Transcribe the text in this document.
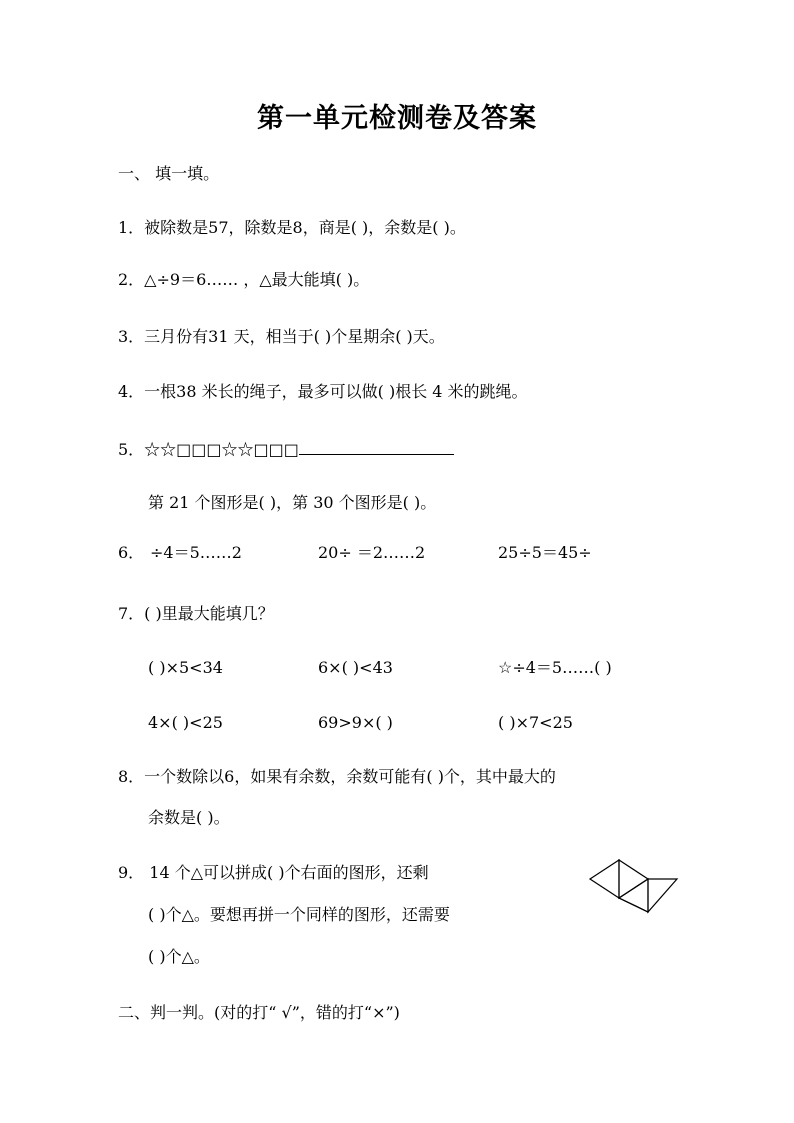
第一单元检测卷及答案
一、 填一填。
1．被除数是57，除数是8，商是( )，余数是( )。
2．△÷9＝6…… ，△最大能填( )。
3．三月份有31 天，相当于( )个星期余( )天。
4．一根38 米长的绳子，最多可以做( )根长 4 米的跳绳。
5．☆☆□□□☆☆□□□
第 21 个图形是( )，第 30 个图形是( )。
6． ÷4＝5……2	20÷ ＝2……2	25÷5＝45÷
7．( )里最大能填几？
( )×5<34	6×( )<43	☆÷4＝5……( )
4×( )<25	69>9×( )	( )×7<25
8．一个数除以6，如果有余数，余数可能有( )个，其中最大的
余数是( )。
9． 14 个△可以拼成( )个右面的图形，还剩
( )个△。要想再拼一个同样的图形，还需要
( )个△。
二、判一判。(对的打“ √”，错的打“×”)
